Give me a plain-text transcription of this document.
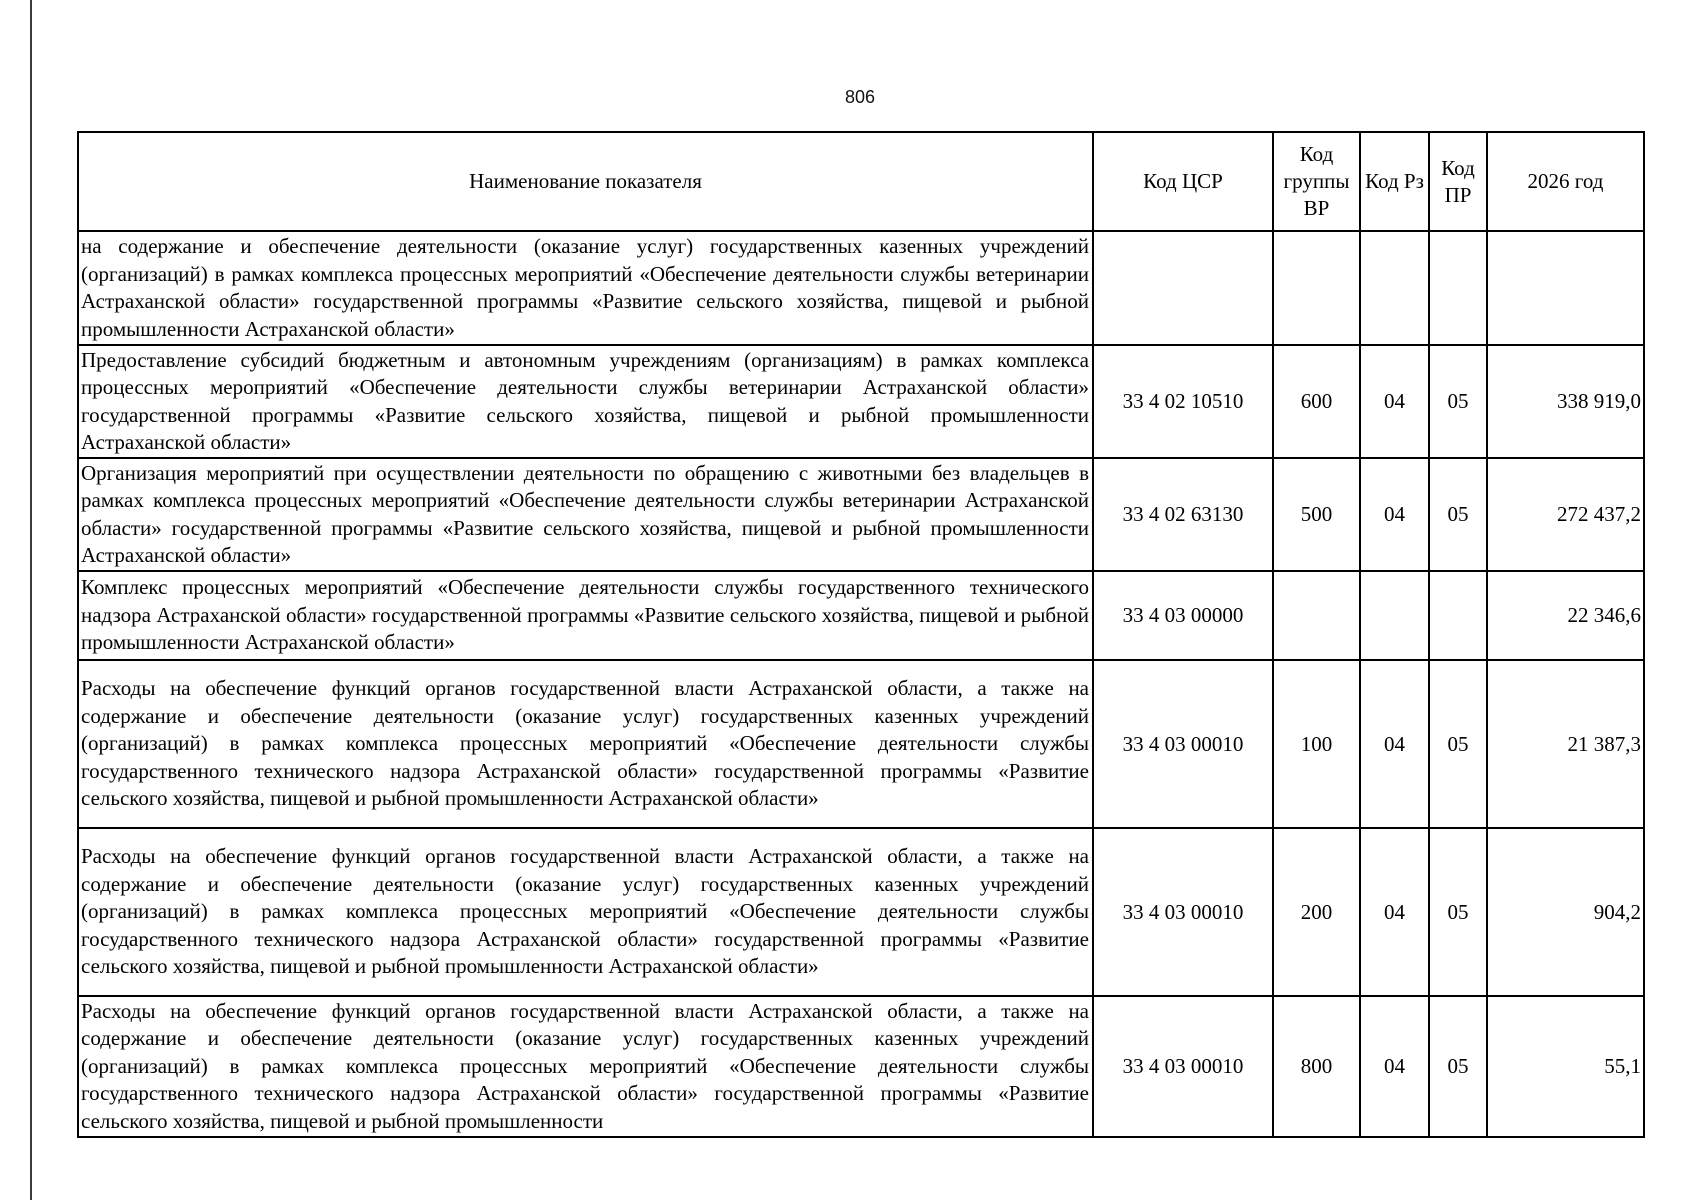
806
Наименование показателя	Код ЦСР	Код группы ВР	Код Рз	Код ПР	2026 год
на содержание и обеспечение деятельности (оказание услуг) государственных казенных учреждений (организаций) в рамках комплекса процессных мероприятий «Обеспечение деятельности службы ветеринарии Астраханской области» государственной программы «Развитие сельского хозяйства, пищевой и рыбной промышленности Астраханской области»					
Предоставление субсидий бюджетным и автономным учреждениям (организациям) в рамках комплекса процессных мероприятий «Обеспечение деятельности службы ветеринарии Астраханской области» государственной программы «Развитие сельского хозяйства, пищевой и рыбной промышленности Астраханской области»	33 4 02 10510	600	04	05	338 919,0
Организация мероприятий при осуществлении деятельности по обращению с животными без владельцев в рамках комплекса процессных мероприятий «Обеспечение деятельности службы ветеринарии Астраханской области» государственной программы «Развитие сельского хозяйства, пищевой и рыбной промышленности Астраханской области»	33 4 02 63130	500	04	05	272 437,2
Комплекс процессных мероприятий «Обеспечение деятельности службы государственного технического надзора Астраханской области» государственной программы «Развитие сельского хозяйства, пищевой и рыбной промышленности Астраханской области»	33 4 03 00000				22 346,6
Расходы на обеспечение функций органов государственной власти Астраханской области, а также на содержание и обеспечение деятельности (оказание услуг) государственных казенных учреждений (организаций) в рамках комплекса процессных мероприятий «Обеспечение деятельности службы государственного технического надзора Астраханской области» государственной программы «Развитие сельского хозяйства, пищевой и рыбной промышленности Астраханской области»	33 4 03 00010	100	04	05	21 387,3
Расходы на обеспечение функций органов государственной власти Астраханской области, а также на содержание и обеспечение деятельности (оказание услуг) государственных казенных учреждений (организаций) в рамках комплекса процессных мероприятий «Обеспечение деятельности службы государственного технического надзора Астраханской области» государственной программы «Развитие сельского хозяйства, пищевой и рыбной промышленности Астраханской области»	33 4 03 00010	200	04	05	904,2
Расходы на обеспечение функций органов государственной власти Астраханской области, а также на содержание и обеспечение деятельности (оказание услуг) государственных казенных учреждений (организаций) в рамках комплекса процессных мероприятий «Обеспечение деятельности службы государственного технического надзора Астраханской области» государственной программы «Развитие сельского хозяйства, пищевой и рыбной промышленности	33 4 03 00010	800	04	05	55,1
